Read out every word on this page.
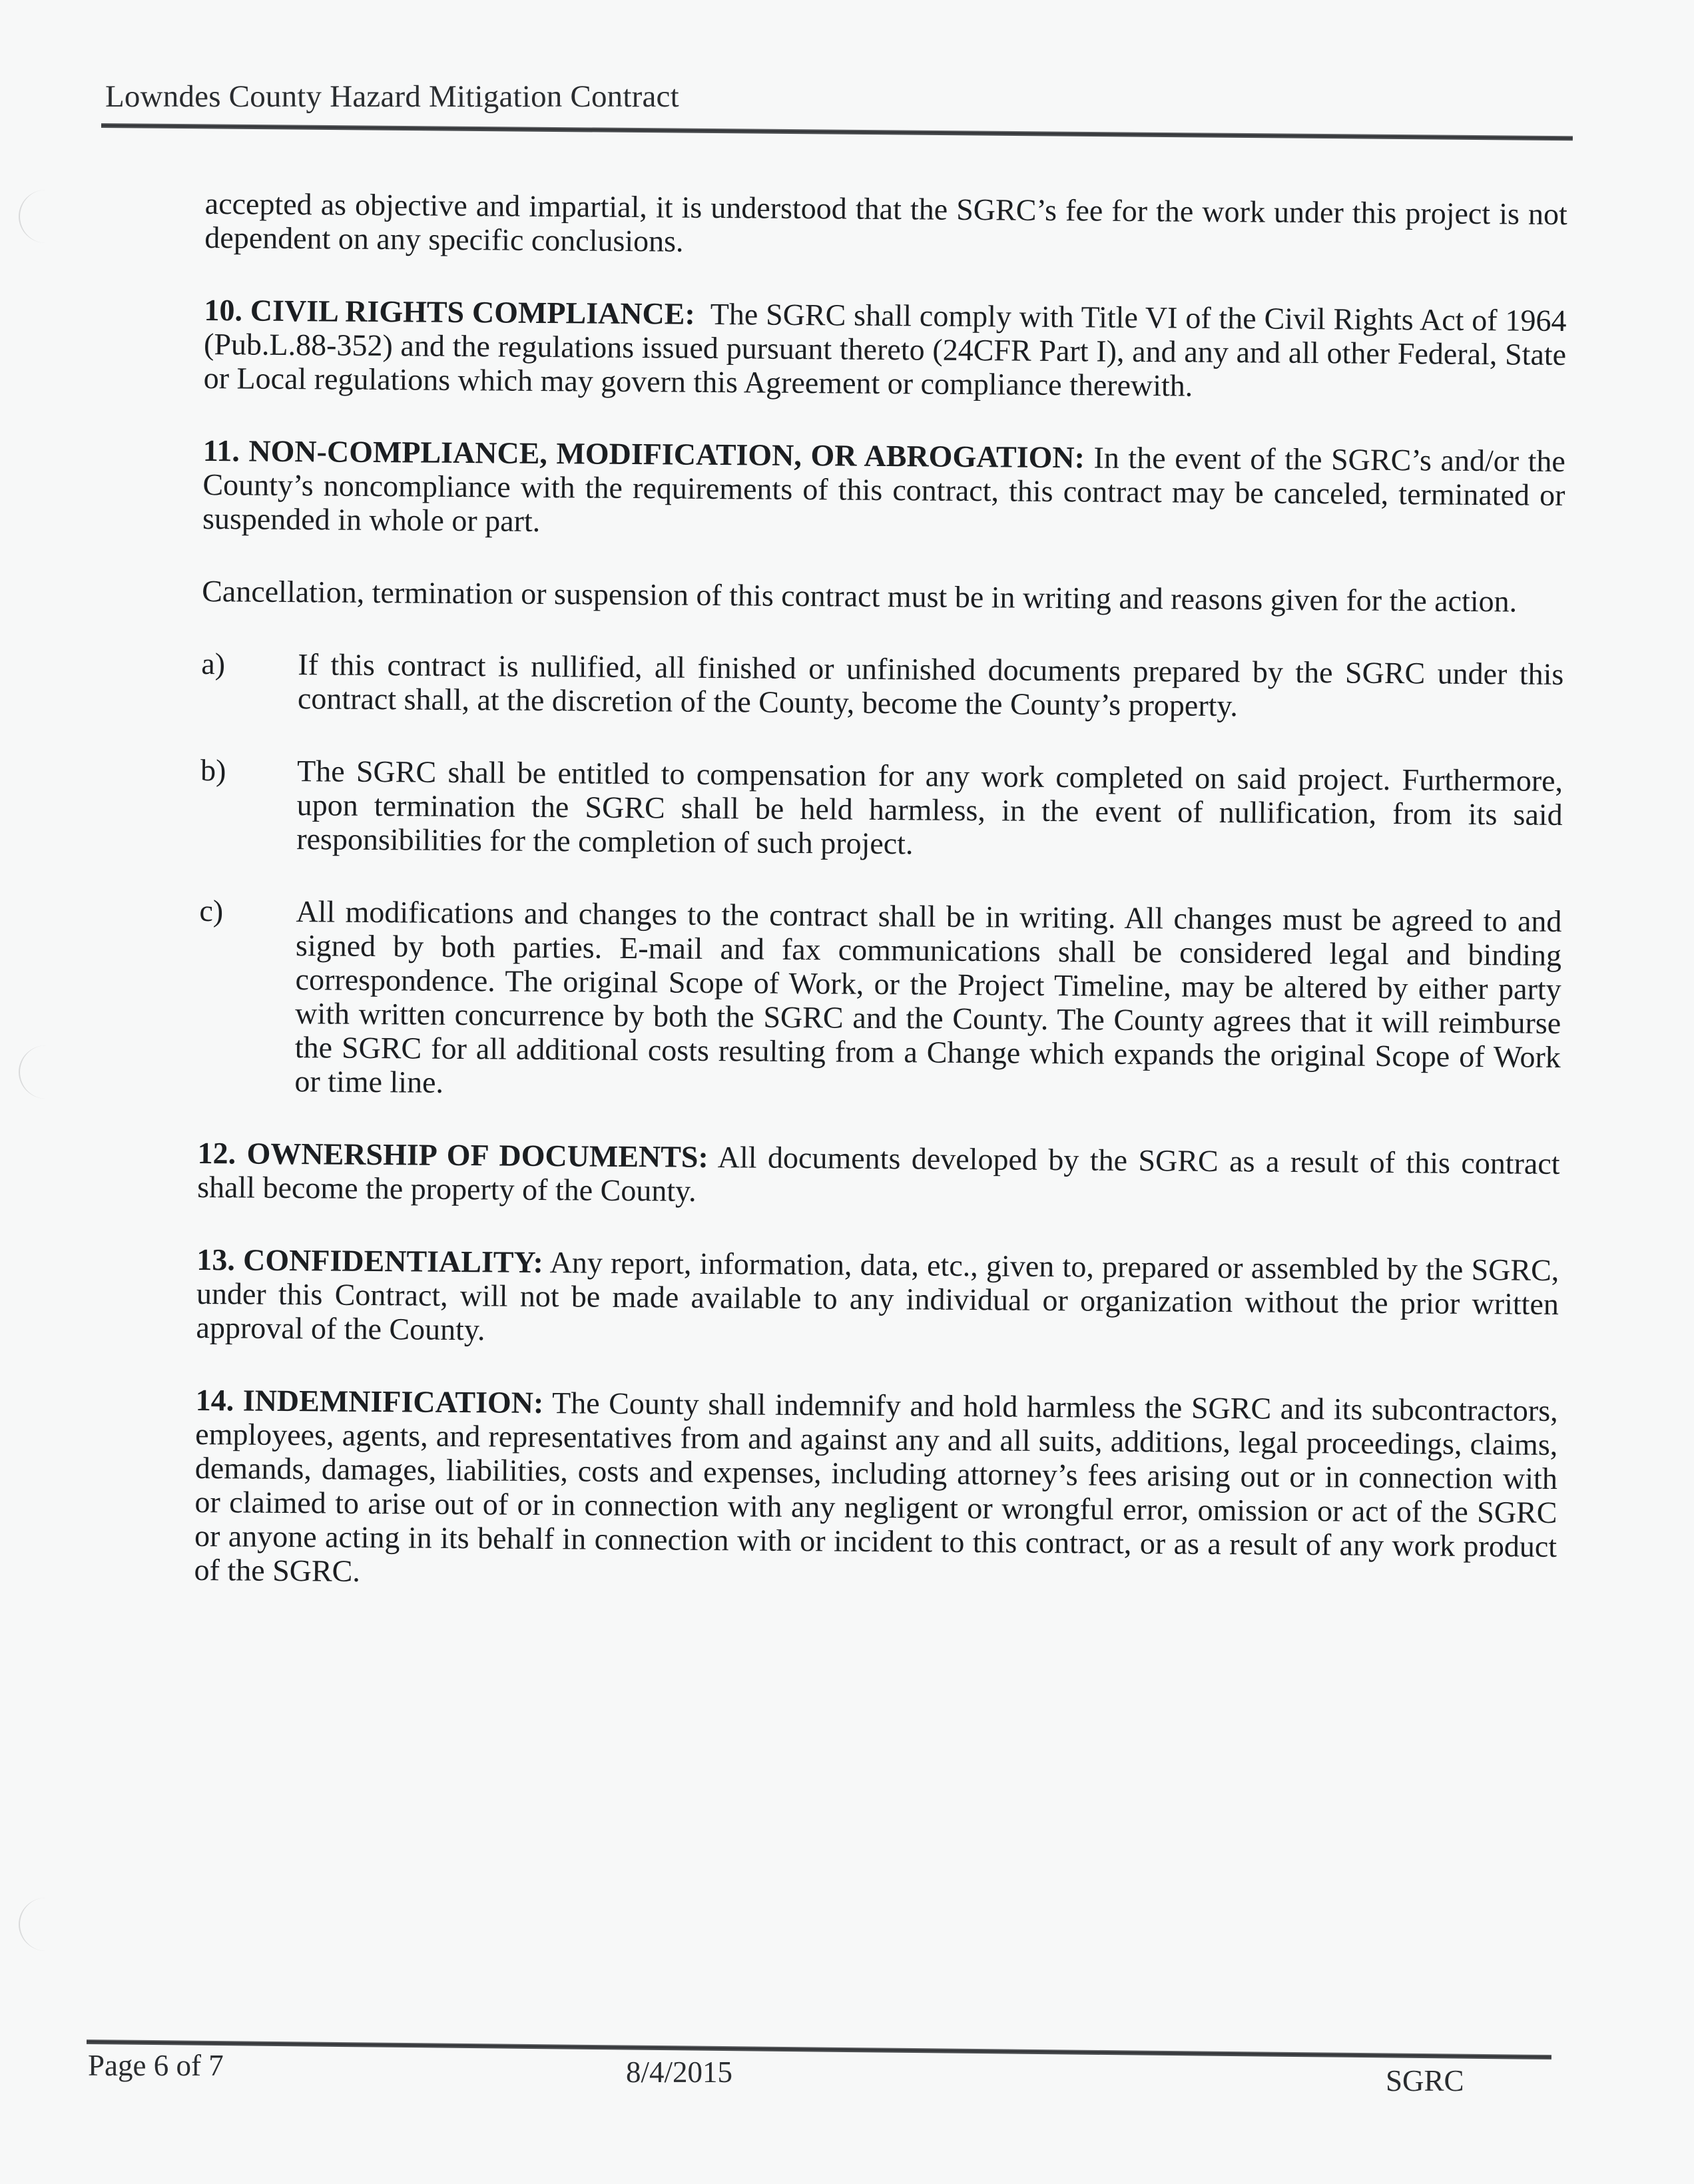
Lowndes County Hazard Mitigation Contract

accepted as objective and impartial, it is understood that the SGRC’s fee for the work under this project is not dependent on any specific conclusions.

10. CIVIL RIGHTS COMPLIANCE: The SGRC shall comply with Title VI of the Civil Rights Act of 1964 (Pub.L.88-352) and the regulations issued pursuant thereto (24CFR Part I), and any and all other Federal, State or Local regulations which may govern this Agreement or compliance therewith.

11. NON-COMPLIANCE, MODIFICATION, OR ABROGATION: In the event of the SGRC’s and/or the County’s noncompliance with the requirements of this contract, this contract may be canceled, terminated or suspended in whole or part.

Cancellation, termination or suspension of this contract must be in writing and reasons given for the action.

a) If this contract is nullified, all finished or unfinished documents prepared by the SGRC under this contract shall, at the discretion of the County, become the County’s property.
b) The SGRC shall be entitled to compensation for any work completed on said project. Furthermore, upon termination the SGRC shall be held harmless, in the event of nullification, from its said responsibilities for the completion of such project.
c) All modifications and changes to the contract shall be in writing. All changes must be agreed to and signed by both parties. E-mail and fax communications shall be considered legal and binding correspondence. The original Scope of Work, or the Project Timeline, may be altered by either party with written concurrence by both the SGRC and the County. The County agrees that it will reimburse the SGRC for all additional costs resulting from a Change which expands the original Scope of Work or time line.

12. OWNERSHIP OF DOCUMENTS: All documents developed by the SGRC as a result of this contract shall become the property of the County.

13. CONFIDENTIALITY: Any report, information, data, etc., given to, prepared or assembled by the SGRC, under this Contract, will not be made available to any individual or organization without the prior written approval of the County.

14. INDEMNIFICATION: The County shall indemnify and hold harmless the SGRC and its subcontractors, employees, agents, and representatives from and against any and all suits, additions, legal proceedings, claims, demands, damages, liabilities, costs and expenses, including attorney’s fees arising out or in connection with or claimed to arise out of or in connection with any negligent or wrongful error, omission or act of the SGRC or anyone acting in its behalf in connection with or incident to this contract, or as a result of any work product of the SGRC.

Page 6 of 7	8/4/2015	SGRC
